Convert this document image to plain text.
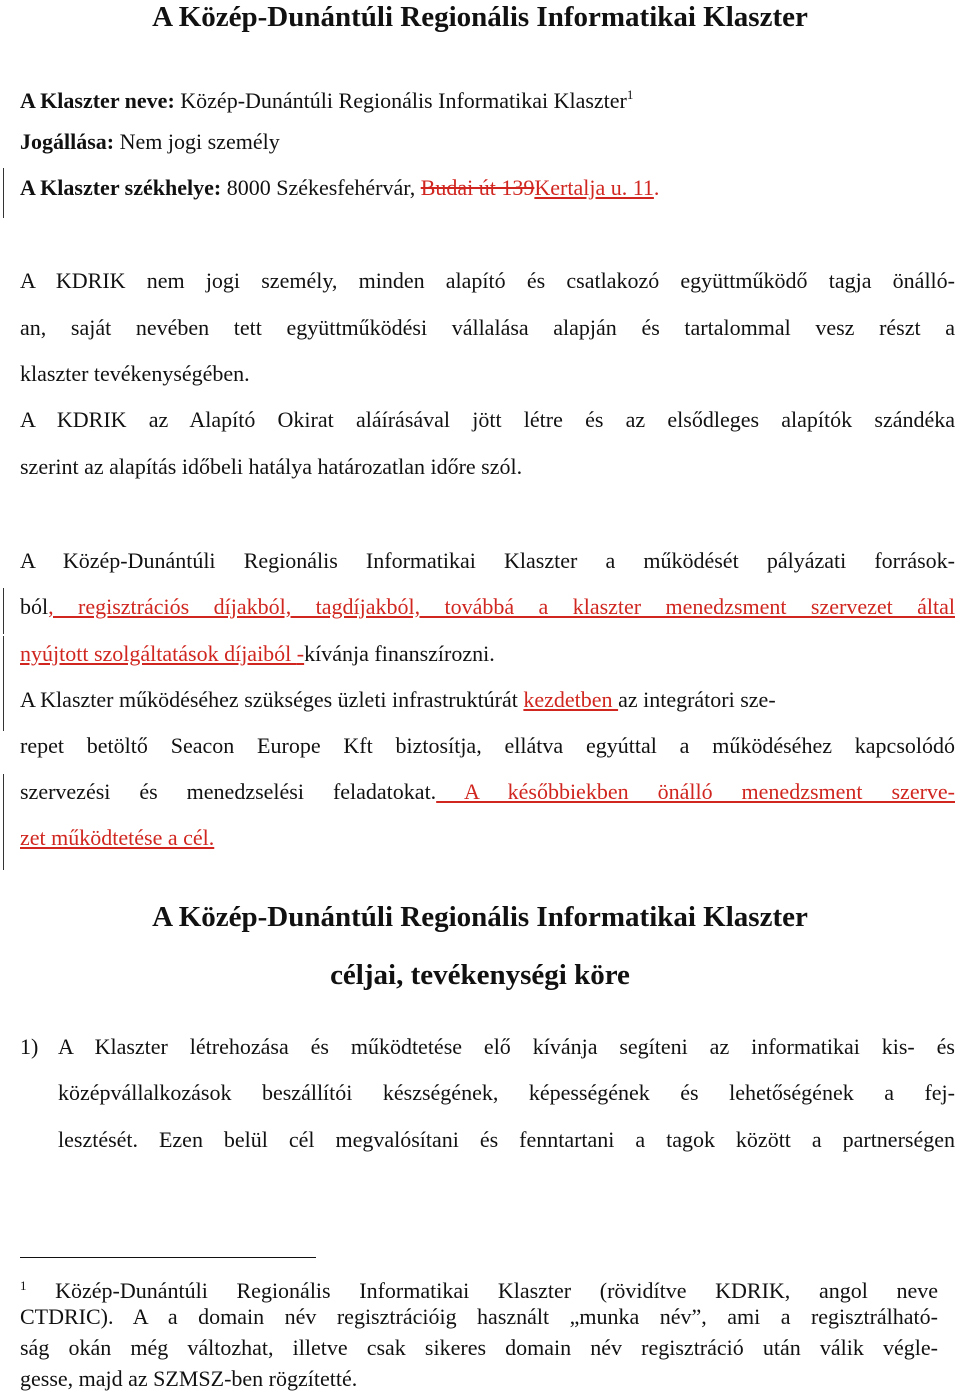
A Közép-Dunántúli Regionális Informatikai Klaszter
A Klaszter neve: Közép-Dunántúli Regionális Informatikai Klaszter$^1$
Jogállása: Nem jogi személy
A Klaszter székhelye: 8000 Székesfehérvár, Budai út 139Kertalja u. 11.
A KDRIK nem jogi személy, minden alapító és csatlakozó együttműködő tagja önálló-
an, saját nevében tett együttműködési vállalása alapján és tartalommal vesz részt a
klaszter tevékenységében.
A KDRIK az Alapító Okirat aláírásával jött létre és az elsődleges alapítók szándéka
szerint az alapítás időbeli hatálya határozatlan időre szól.
A Közép-Dunántúli Regionális Informatikai Klaszter a működését pályázati források-
ból, regisztrációs díjakból, tagdíjakból, továbbá a klaszter menedzsment szervezet által
nyújtott szolgáltatások díjaiból -kívánja finanszírozni.
A Klaszter működéséhez szükséges üzleti infrastruktúrát kezdetben az integrátori sze-
repet betöltő Seacon Europe Kft biztosítja, ellátva egyúttal a működéséhez kapcsolódó
szervezési és menedzselési feladatokat. A későbbiekben önálló menedzsment szerve-
zet működtetése a cél.
A Közép-Dunántúli Regionális Informatikai Klaszter
céljai, tevékenységi köre
1) A Klaszter létrehozása és működtetése elő kívánja segíteni az informatikai kis- és
középvállalkozások beszállítói készségének, képességének és lehetőségének a fej-
lesztését. Ezen belül cél megvalósítani és fenntartani a tagok között a partnerségen
$^1$ Közép-Dunántúli Regionális Informatikai Klaszter (rövidítve KDRIK, angol neve
CTDRIC). A a domain név regisztrációig használt „munka név”, ami a regisztrálható-
ság okán még változhat, illetve csak sikeres domain név regisztráció után válik végle-
gesse, majd az SZMSZ-ben rögzítetté.
